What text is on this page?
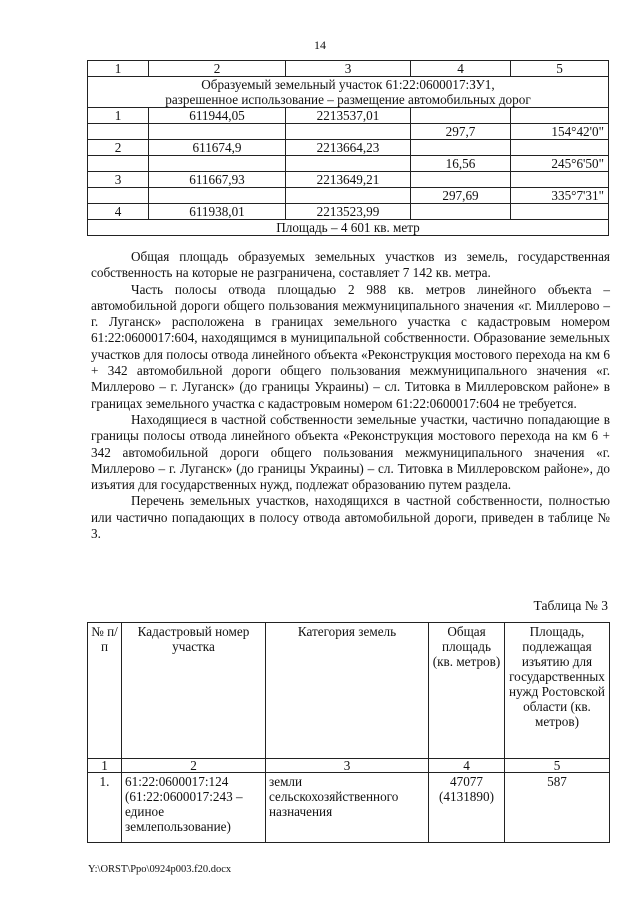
14
1	2	3	4	5

Образуемый земельный участок 61:22:0600017:ЗУ1,
разрешенное использование – размещение автомобильных дорог				

1	611944,05	2213537,01		
			297,7	154°42'0"
2	611674,9	2213664,23		
			16,56	245°6'50"
3	611667,93	2213649,21		
			297,69	335°7'31"
4	611938,01	2213523,99		
Площадь – 4 601 кв. метр				

Общая площадь образуемых земельных участков из земель, государственная собственность на которые не разграничена, составляет 7 142 кв. метра.

Часть полосы отвода площадью 2 988 кв. метров линейного объекта – автомобильной дороги общего пользования межмуниципального значения «г. Миллерово – г. Луганск» расположена в границах земельного участка с кадастровым номером 61:22:0600017:604, находящимся в муниципальной собственности. Образование земельных участков для полосы отвода линейного объекта «Реконструкция мостового перехода на км 6 + 342 автомобильной дороги общего пользования межмуниципального значения «г. Миллерово – г. Луганск» (до границы Украины) – сл. Титовка в Миллеровском районе» в границах земельного участка с кадастровым номером 61:22:0600017:604 не требуется.

Находящиеся в частной собственности земельные участки, частично попадающие в границы полосы отвода линейного объекта «Реконструкция мостового перехода на км 6 + 342 автомобильной дороги общего пользования межмуниципального значения «г. Миллерово – г. Луганск» (до границы Украины) – сл. Титовка в Миллеровском районе», до изъятия для государственных нужд, подлежат образованию путем раздела.

Перечень земельных участков, находящихся в частной собственности, полностью или частично попадающих в полосу отвода автомобильной дороги, приведен в таблице № 3.

Таблица № 3
№ п/п	Кадастровый номер участка	Категория земель	Общая площадь (кв. метров)	Площадь, подлежащая изъятию для государственных нужд Ростовской области (кв. метров)
1	2	3	4	5
1.	61:22:0600017:124 (61:22:0600017:243 – единое землепользование)	земли сельскохозяйственного назначения	47077 (4131890)	587
Y:\ORST\Ppo\0924p003.f20.docx
